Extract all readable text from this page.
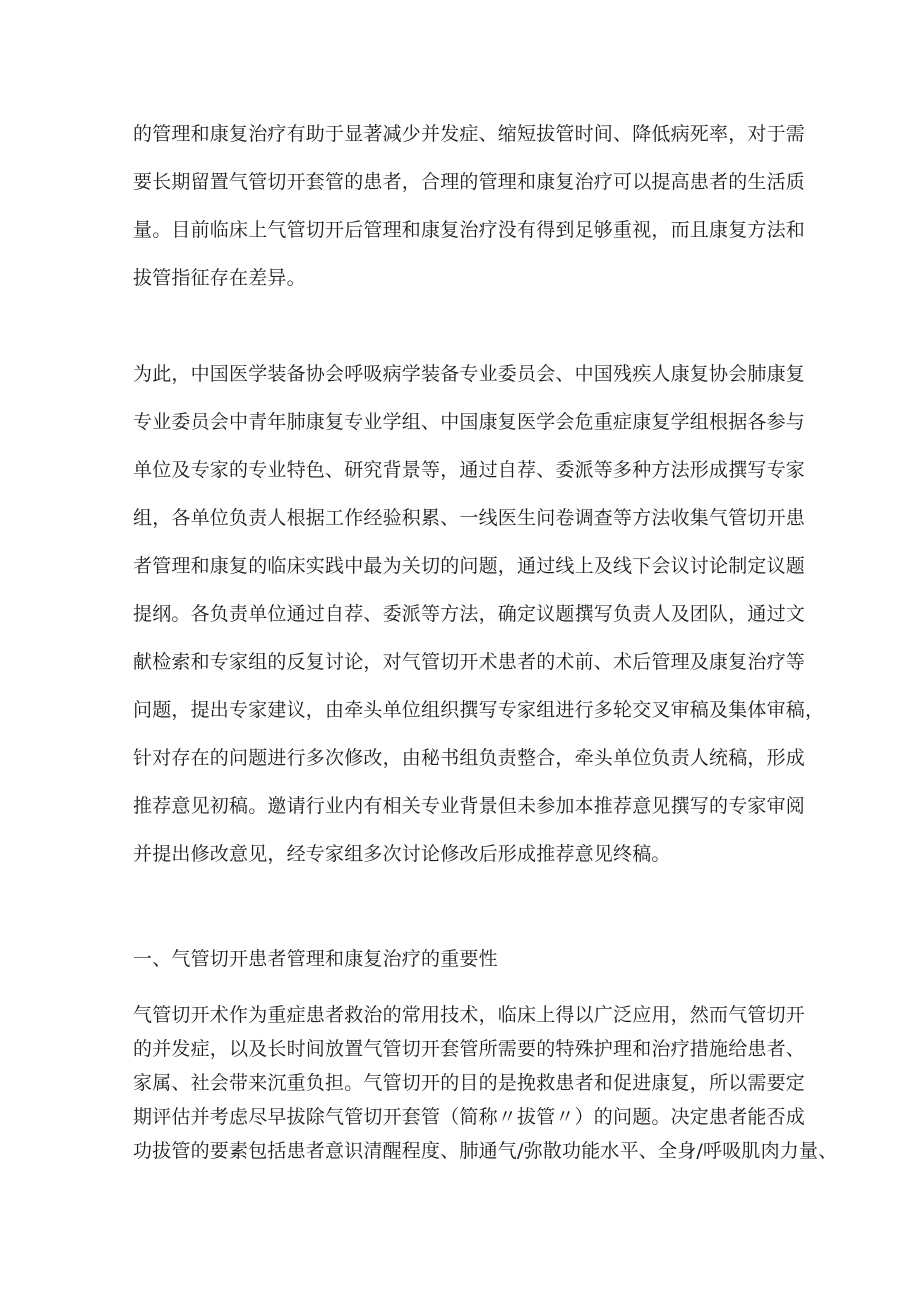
的管理和康复治疗有助于显著减少并发症、缩短拔管时间、降低病死率，对于需
要长期留置气管切开套管的患者，合理的管理和康复治疗可以提高患者的生活质
量。目前临床上气管切开后管理和康复治疗没有得到足够重视，而且康复方法和
拔管指征存在差异。
为此，中国医学装备协会呼吸病学装备专业委员会、中国残疾人康复协会肺康复
专业委员会中青年肺康复专业学组、中国康复医学会危重症康复学组根据各参与
单位及专家的专业特色、研究背景等，通过自荐、委派等多种方法形成撰写专家
组，各单位负责人根据工作经验积累、一线医生问卷调查等方法收集气管切开患
者管理和康复的临床实践中最为关切的问题，通过线上及线下会议讨论制定议题
提纲。各负责单位通过自荐、委派等方法，确定议题撰写负责人及团队，通过文
献检索和专家组的反复讨论，对气管切开术患者的术前、术后管理及康复治疗等
问题，提出专家建议，由牵头单位组织撰写专家组进行多轮交叉审稿及集体审稿，
针对存在的问题进行多次修改，由秘书组负责整合，牵头单位负责人统稿，形成
推荐意见初稿。邀请行业内有相关专业背景但未参加本推荐意见撰写的专家审阅
并提出修改意见，经专家组多次讨论修改后形成推荐意见终稿。
一、气管切开患者管理和康复治疗的重要性
气管切开术作为重症患者救治的常用技术，临床上得以广泛应用，然而气管切开
的并发症，以及长时间放置气管切开套管所需要的特殊护理和治疗措施给患者、
家属、社会带来沉重负担。气管切开的目的是挽救患者和促进康复，所以需要定
期评估并考虑尽早拔除气管切开套管（简称〃拔管〃）的问题。决定患者能否成
功拔管的要素包括患者意识清醒程度、肺通气/弥散功能水平、全身/呼吸肌肉力量、
